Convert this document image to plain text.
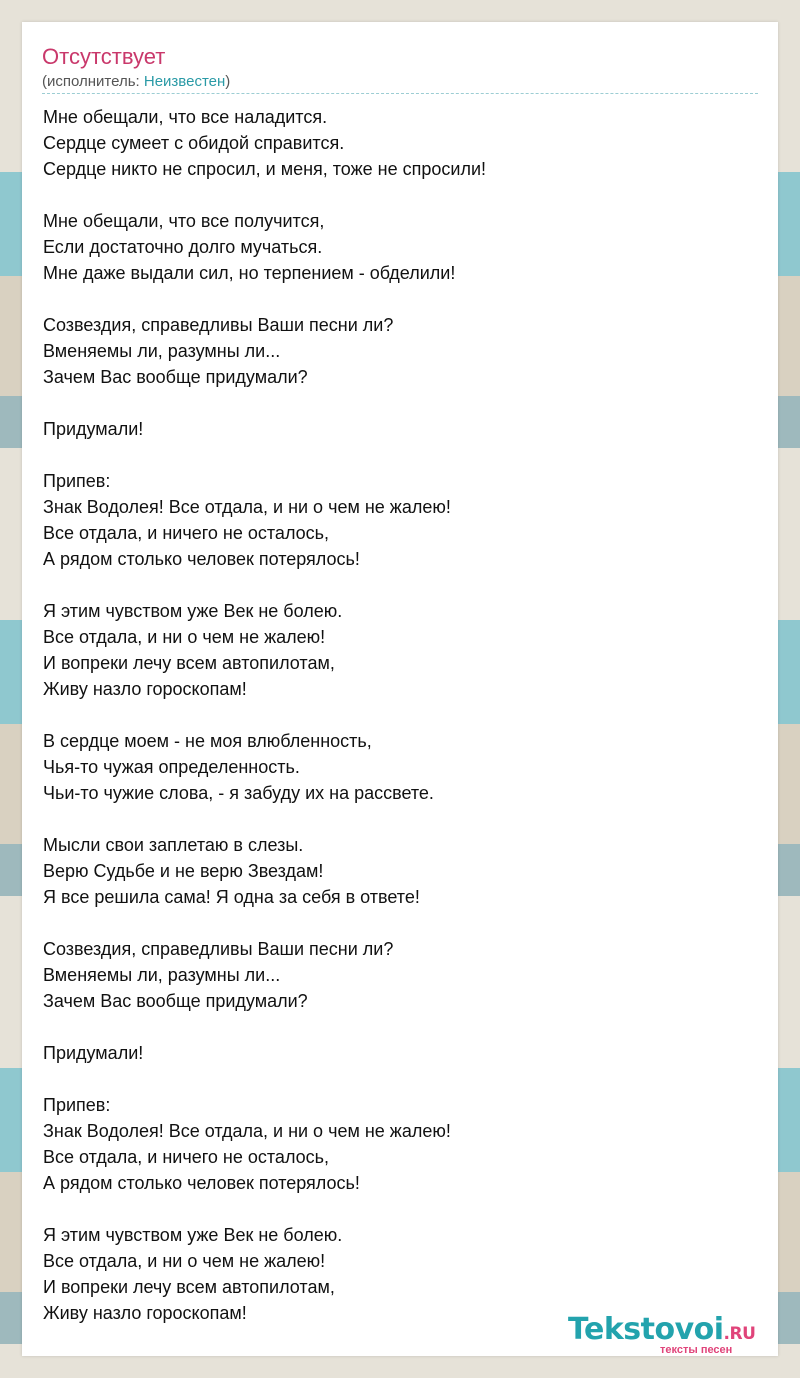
Отсутствует
(исполнитель: Неизвестен)
Мне обещали, что все наладится.
Сердце сумеет с обидой справится.
Сердце никто не спросил, и меня, тоже не спросили!
Мне обещали, что все получится,
Если достаточно долго мучаться.
Мне даже выдали сил, но терпением - обделили!
Созвездия, справедливы Ваши песни ли?
Вменяемы ли, разумны ли...
Зачем Вас вообще придумали?
Придумали!
Припев:
Знак Водолея! Все отдала, и ни о чем не жалею!
Все отдала, и ничего не осталось,
А рядом столько человек потерялось!
Я этим чувством уже Век не болею.
Все отдала, и ни о чем не жалею!
И вопреки лечу всем автопилотам,
Живу назло гороскопам!
В сердце моем - не моя влюбленность,
Чья-то чужая определенность.
Чьи-то чужие слова, - я забуду их на рассвете.
Мысли свои заплетаю в слезы.
Верю Судьбе и не верю Звездам!
Я все решила сама! Я одна за себя в ответе!
Созвездия, справедливы Ваши песни ли?
Вменяемы ли, разумны ли...
Зачем Вас вообще придумали?
Придумали!
Припев:
Знак Водолея! Все отдала, и ни о чем не жалею!
Все отдала, и ничего не осталось,
А рядом столько человек потерялось!
Я этим чувством уже Век не болею.
Все отдала, и ни о чем не жалею!
И вопреки лечу всем автопилотам,
Живу назло гороскопам!	Tekstovoi.RU
тексты песен
